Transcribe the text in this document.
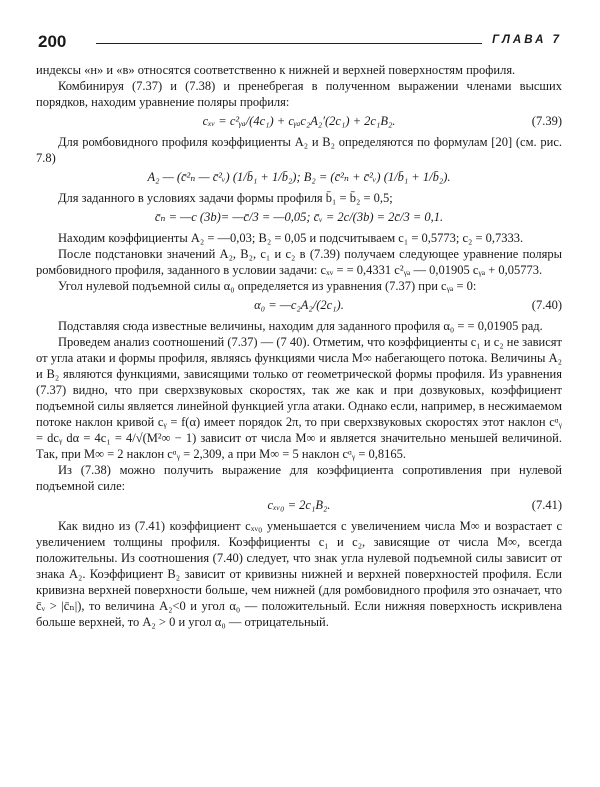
200	ГЛАВА 7

индексы «н» и «в» относятся соответственно к нижней и верхней поверхностям профиля.

Комбинируя (7.37) и (7.38) и пренебрегая в полученном выражении членами высших порядков, находим уравнение поляры профиля:

cₓᵥ = c²ᵧₐ/(4c₁) + cᵧₐc₂A₂′(2c₁) + 2c₁B₂.	(7.39)

Для ромбовидного профиля коэффициенты A₂ и B₂ определяются по формулам [20] (см. рис. 7.8)

A₂ — (c̄²ₙ — c̄²ᵥ) (1/b̄₁ + 1/b̄₂); B₂ = (c̄²ₙ + c̄²ᵥ) (1/b̄₁ + 1/b̄₂).

Для заданного в условиях задачи формы профиля b̄₁ = b̄₂ = 0,5;

c̄ₙ = —c (3b)= —c̄/3 = —0,05; c̄ᵥ = 2c/(3b) = 2c̄/3 = 0,1.

Находим коэффициенты A₂ = —0,03; B₂ = 0,05 и подсчитываем c₁ = 0,5773; c₂ = 0,7333.

После подстановки значений A₂, B₂, c₁ и c₂ в (7.39) получаем следующее уравнение поляры ромбовидного профиля, заданного в условии задачи: cₓᵥ = = 0,4331 c²ᵧₐ — 0,01905 cᵧₐ + 0,05773.

Угол нулевой подъемной силы α₀ определяется из уравнения (7.37) при cᵧₐ = 0:

α₀ = —c₂A₂/(2c₁).	(7.40)

Подставляя сюда известные величины, находим для заданного профиля α₀ = = 0,01905 рад.

Проведем анализ соотношений (7.37) — (7 40). Отметим, что коэффициенты c₁ и c₂ не зависят от угла атаки и формы профиля, являясь функциями числа M∞ набегающего потока. Величины A₂ и B₂ являются функциями, зависящими только от геометрической формы профиля. Из уравнения (7.37) видно, что при сверхзвуковых скоростях, так же как и при дозвуковых, коэффициент подъемной силы является линейной функцией угла атаки. Однако если, например, в несжимаемом потоке наклон кривой cᵧ = f(α) имеет порядок 2π, то при сверхзвуковых скоростях этот наклон cᵅᵧ = dcᵧ dα = 4c₁ = 4/√(M²∞ − 1) зависит от числа M∞ и является значительно меньшей величиной. Так, при M∞ = 2 наклон cᵅᵧ = 2,309, а при M∞ = 5 наклон cᵅᵧ = 0,8165.

Из (7.38) можно получить выражение для коэффициента сопротивления при нулевой подъемной силе:

cₓᵥ₀ = 2c₁B₂.	(7.41)

Как видно из (7.41) коэффициент cₓᵥ₀ уменьшается с увеличением числа M∞ и возрастает с увеличением толщины профиля. Коэффициенты c₁ и c₂, зависящие от числа M∞, всегда положительны. Из соотношения (7.40) следует, что знак угла нулевой подъемной силы зависит от знака A₂. Коэффициент B₂ зависит от кривизны нижней и верхней поверхностей профиля. Если кривизна верхней поверхности больше, чем нижней (для ромбовидного профиля это означает, что c̄ᵥ > |c̄ₙ|), то величина A₂<0 и угол α₀ — положительный. Если нижняя поверхность искривлена больше верхней, то A₂ > 0 и угол α₀ — отрицательный.
